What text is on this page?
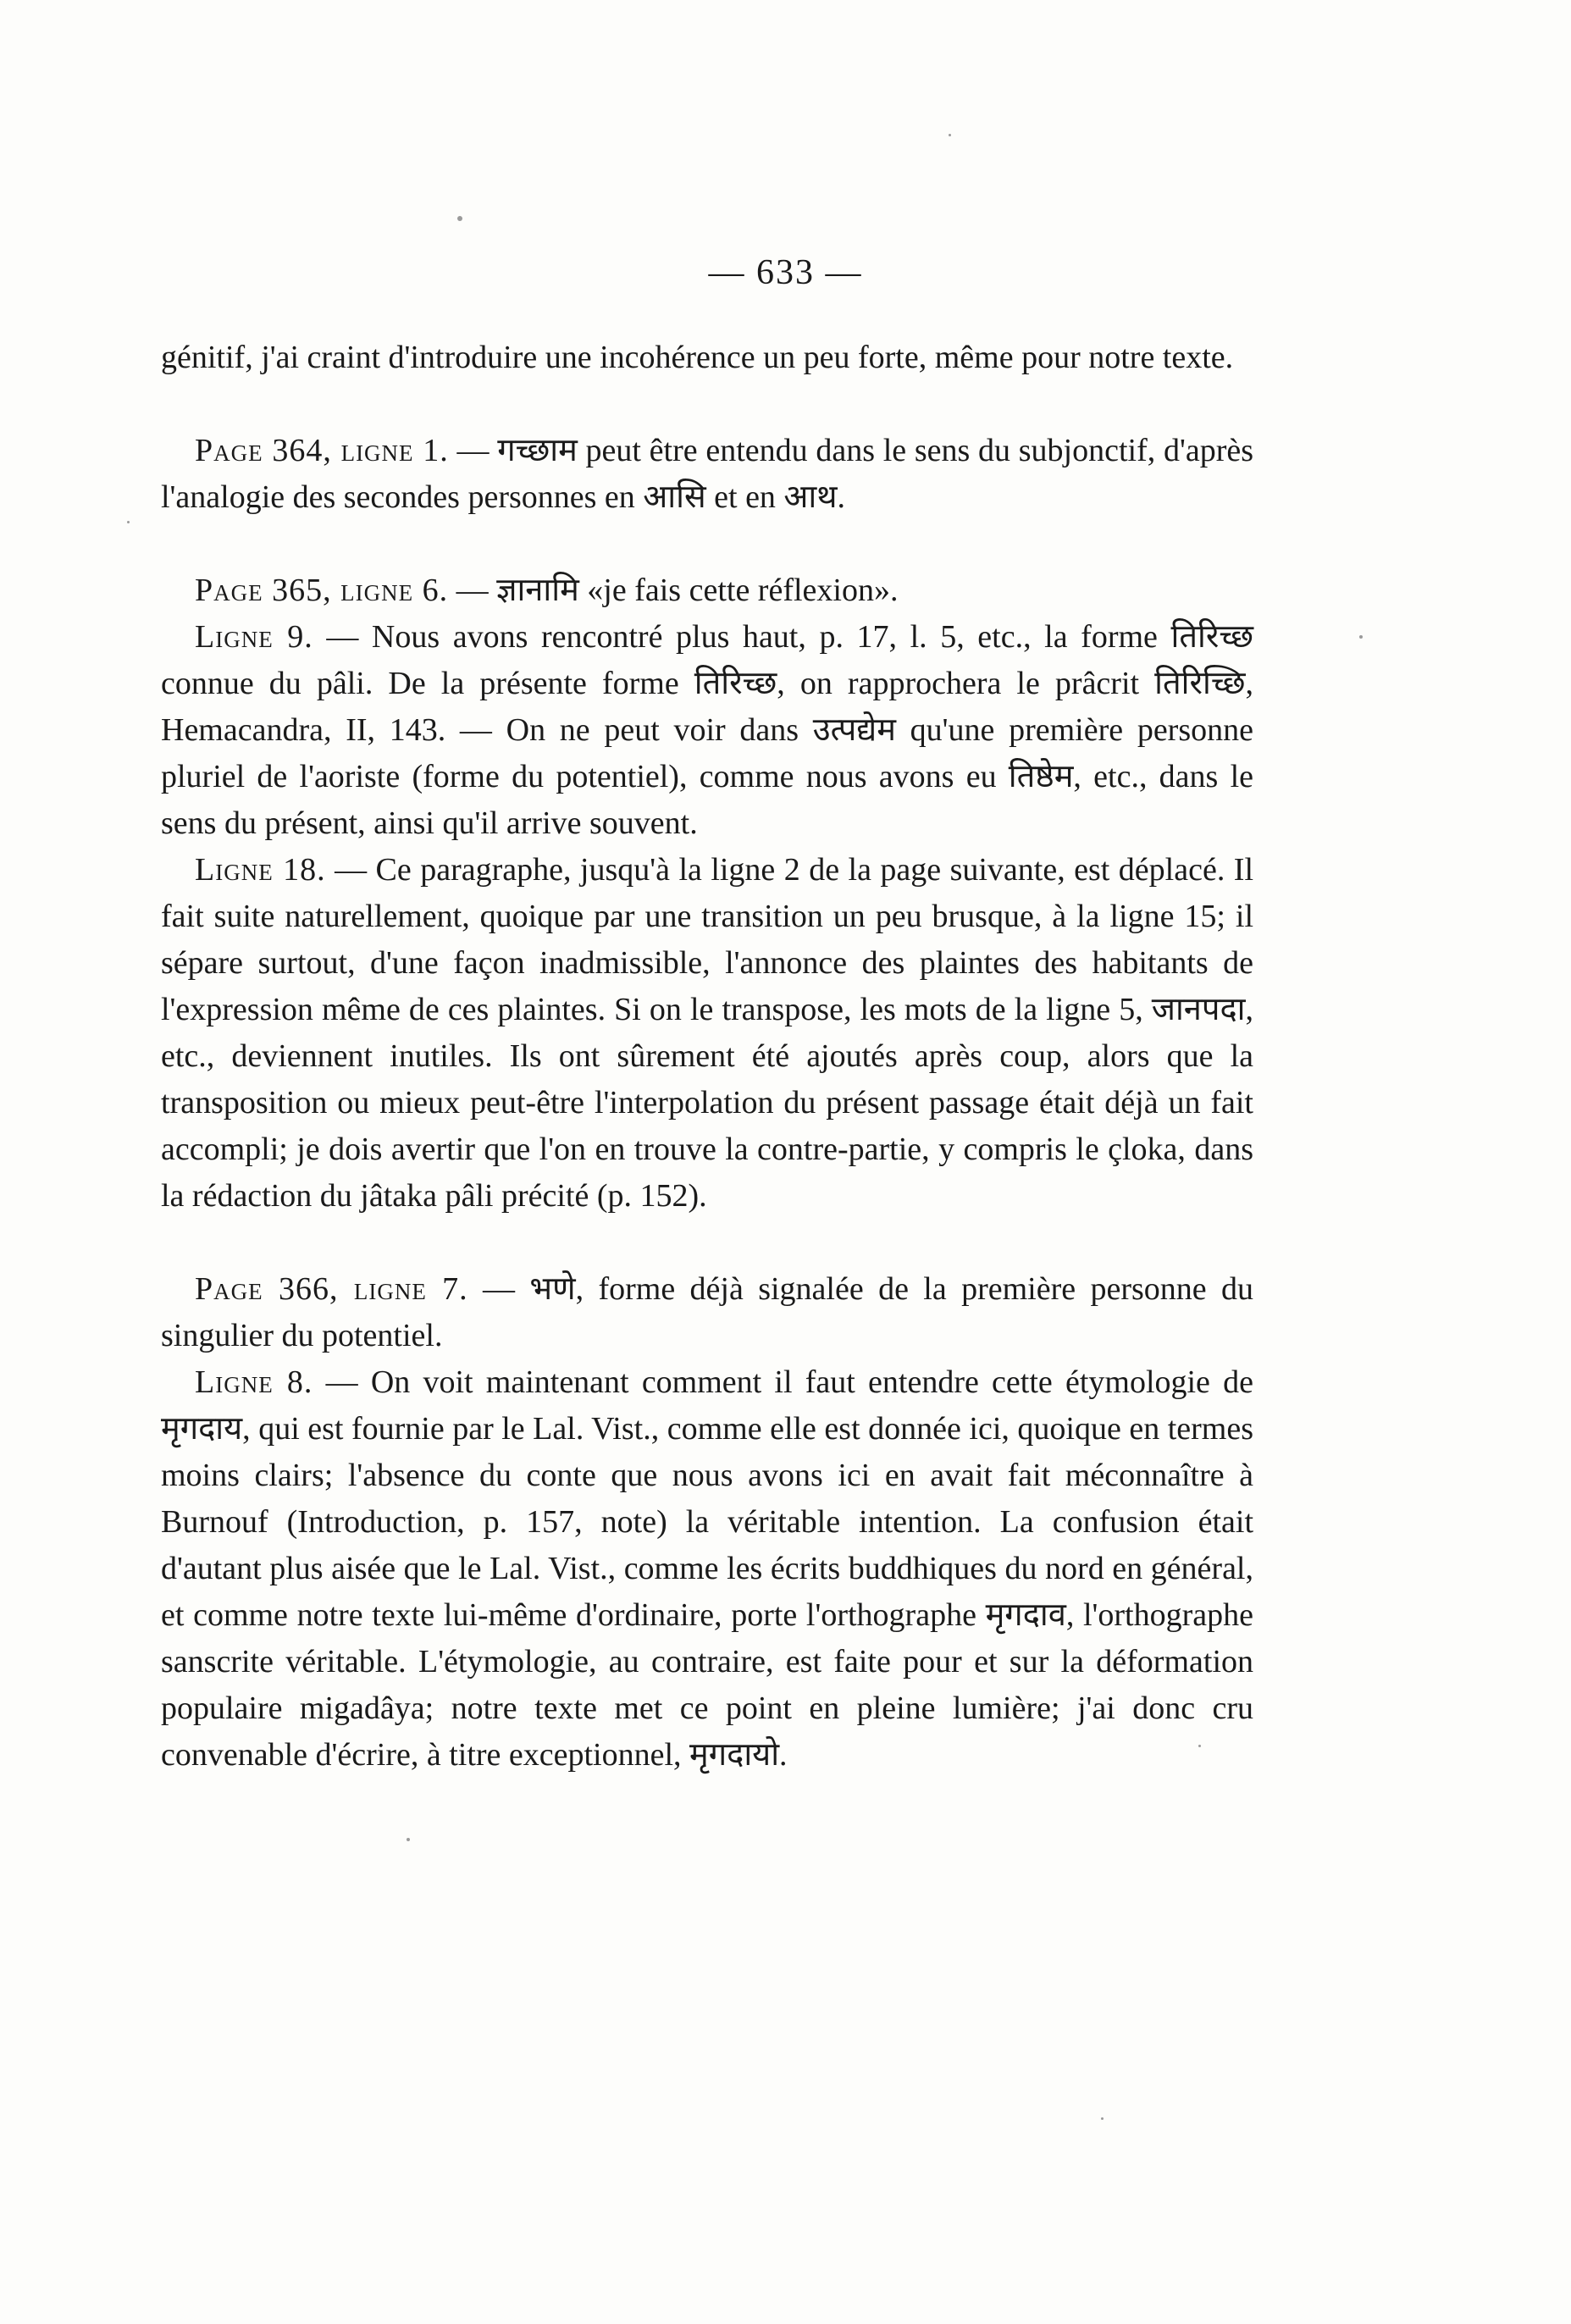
— 633 —

génitif, j'ai craint d'introduire une incohérence un peu forte, même pour notre texte.

Page 364, ligne 1. — गच्छाम peut être entendu dans le sens du subjonctif, d'après l'analogie des secondes personnes en आसि et en आथ.

Page 365, ligne 6. — ज्ञानामि «je fais cette réflexion».

Ligne 9. — Nous avons rencontré plus haut, p. 17, l. 5, etc., la forme तिरिच्छ connue du pâli. De la présente forme तिरिच्छ, on rapprochera le prâcrit तिरिच्छि, Hemacandra, II, 143. — On ne peut voir dans उत्पद्येम qu'une première personne pluriel de l'aoriste (forme du potentiel), comme nous avons eu तिष्ठेम, etc., dans le sens du présent, ainsi qu'il arrive souvent.

Ligne 18. — Ce paragraphe, jusqu'à la ligne 2 de la page suivante, est déplacé. Il fait suite naturellement, quoique par une transition un peu brusque, à la ligne 15; il sépare surtout, d'une façon inadmissible, l'annonce des plaintes des habitants de l'expression même de ces plaintes. Si on le transpose, les mots de la ligne 5, जानपदा, etc., deviennent inutiles. Ils ont sûrement été ajoutés après coup, alors que la transposition ou mieux peut-être l'interpolation du présent passage était déjà un fait accompli; je dois avertir que l'on en trouve la contre-partie, y compris le çloka, dans la rédaction du jâtaka pâli précité (p. 152).

Page 366, ligne 7. — भणे, forme déjà signalée de la première personne du singulier du potentiel.

Ligne 8. — On voit maintenant comment il faut entendre cette étymologie de मृगदाय, qui est fournie par le Lal. Vist., comme elle est donnée ici, quoique en termes moins clairs; l'absence du conte que nous avons ici en avait fait méconnaître à Burnouf (Introduction, p. 157, note) la véritable intention. La confusion était d'autant plus aisée que le Lal. Vist., comme les écrits buddhiques du nord en général, et comme notre texte lui-même d'ordinaire, porte l'orthographe मृगदाव, l'orthographe sanscrite véritable. L'étymologie, au contraire, est faite pour et sur la déformation populaire migadâya; notre texte met ce point en pleine lumière; j'ai donc cru convenable d'écrire, à titre exceptionnel, मृगदायो.
